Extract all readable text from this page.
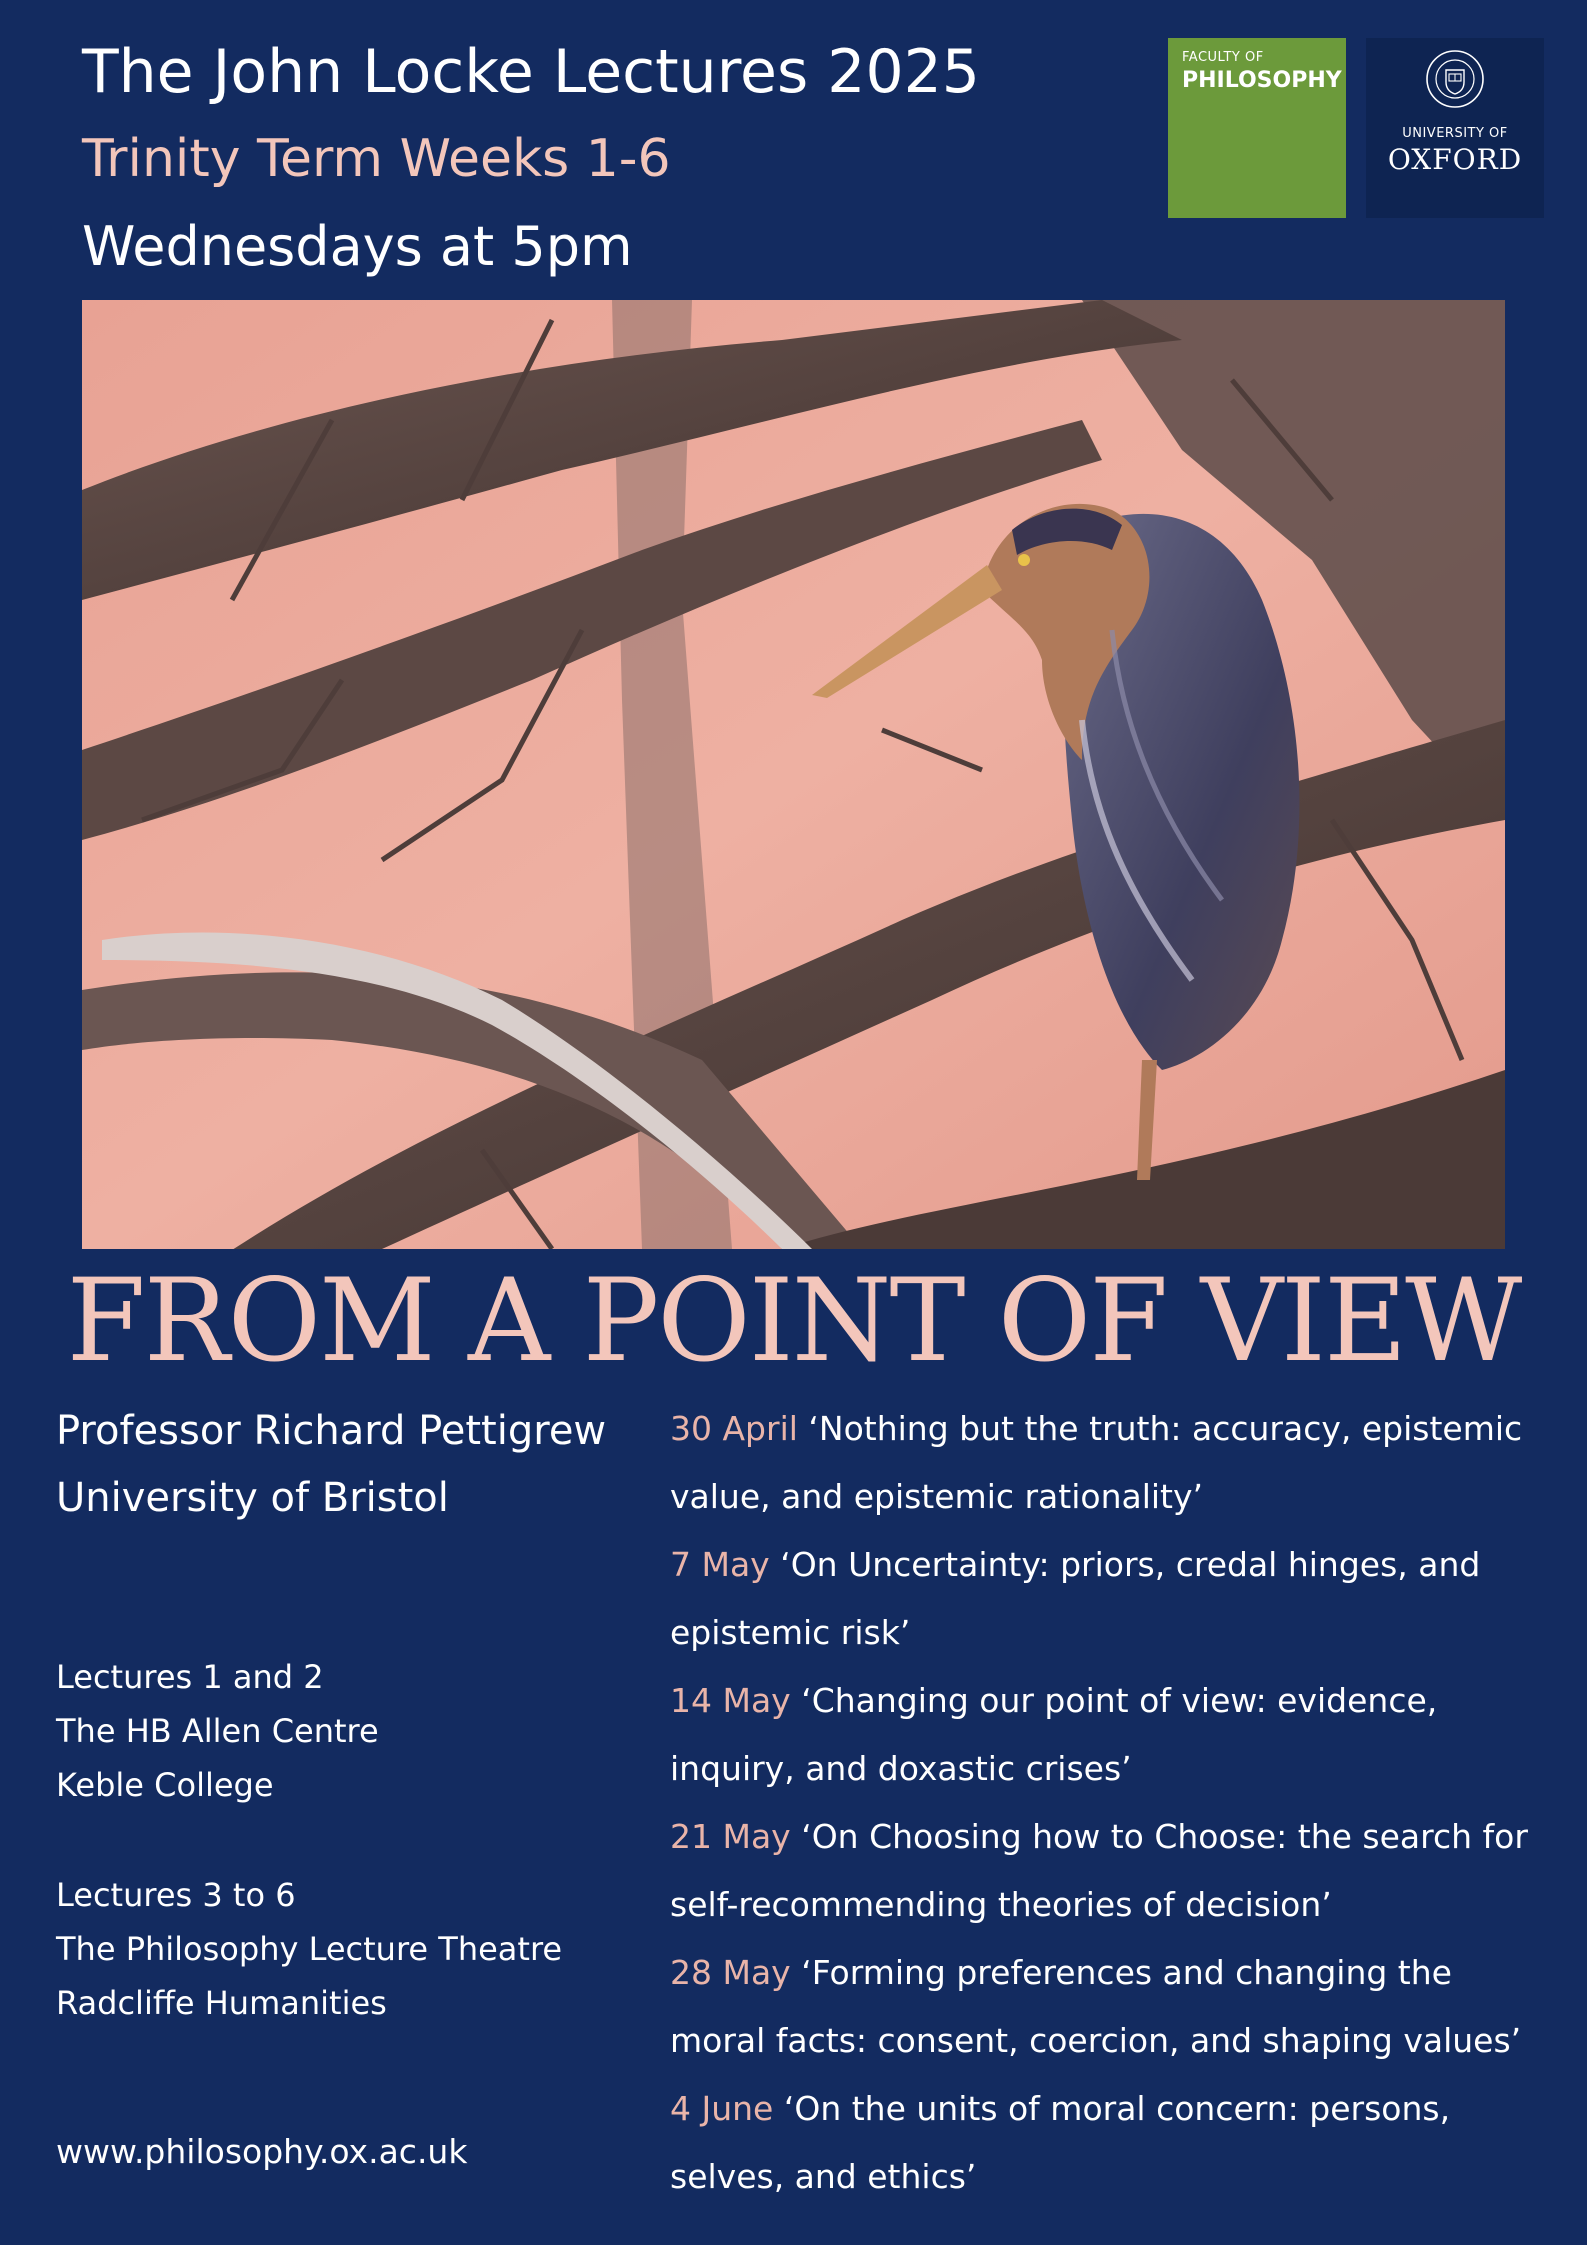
The John Locke Lectures 2025
Trinity Term Weeks 1-6
Wednesdays at 5pm
FACULTY OF
PHILOSOPHY
UNIVERSITY OF
OXFORD
FROM A POINT OF VIEW
Professor Richard Pettigrew
University of Bristol
Lectures 1 and 2
The HB Allen Centre
Keble College
Lectures 3 to 6
The Philosophy Lecture Theatre
Radcliffe Humanities
www.philosophy.ox.ac.uk

30 April ‘Nothing but the truth: accuracy, epistemic value, and epistemic rationality’

7 May ‘On Uncertainty: priors, credal hinges, and epistemic risk’

14 May ‘Changing our point of view: evidence, inquiry, and doxastic crises’

21 May ‘On Choosing how to Choose: the search for self-recommending theories of decision’

28 May ‘Forming preferences and changing the moral facts: consent, coercion, and shaping values’

4 June ‘On the units of moral concern: persons, selves, and ethics’
